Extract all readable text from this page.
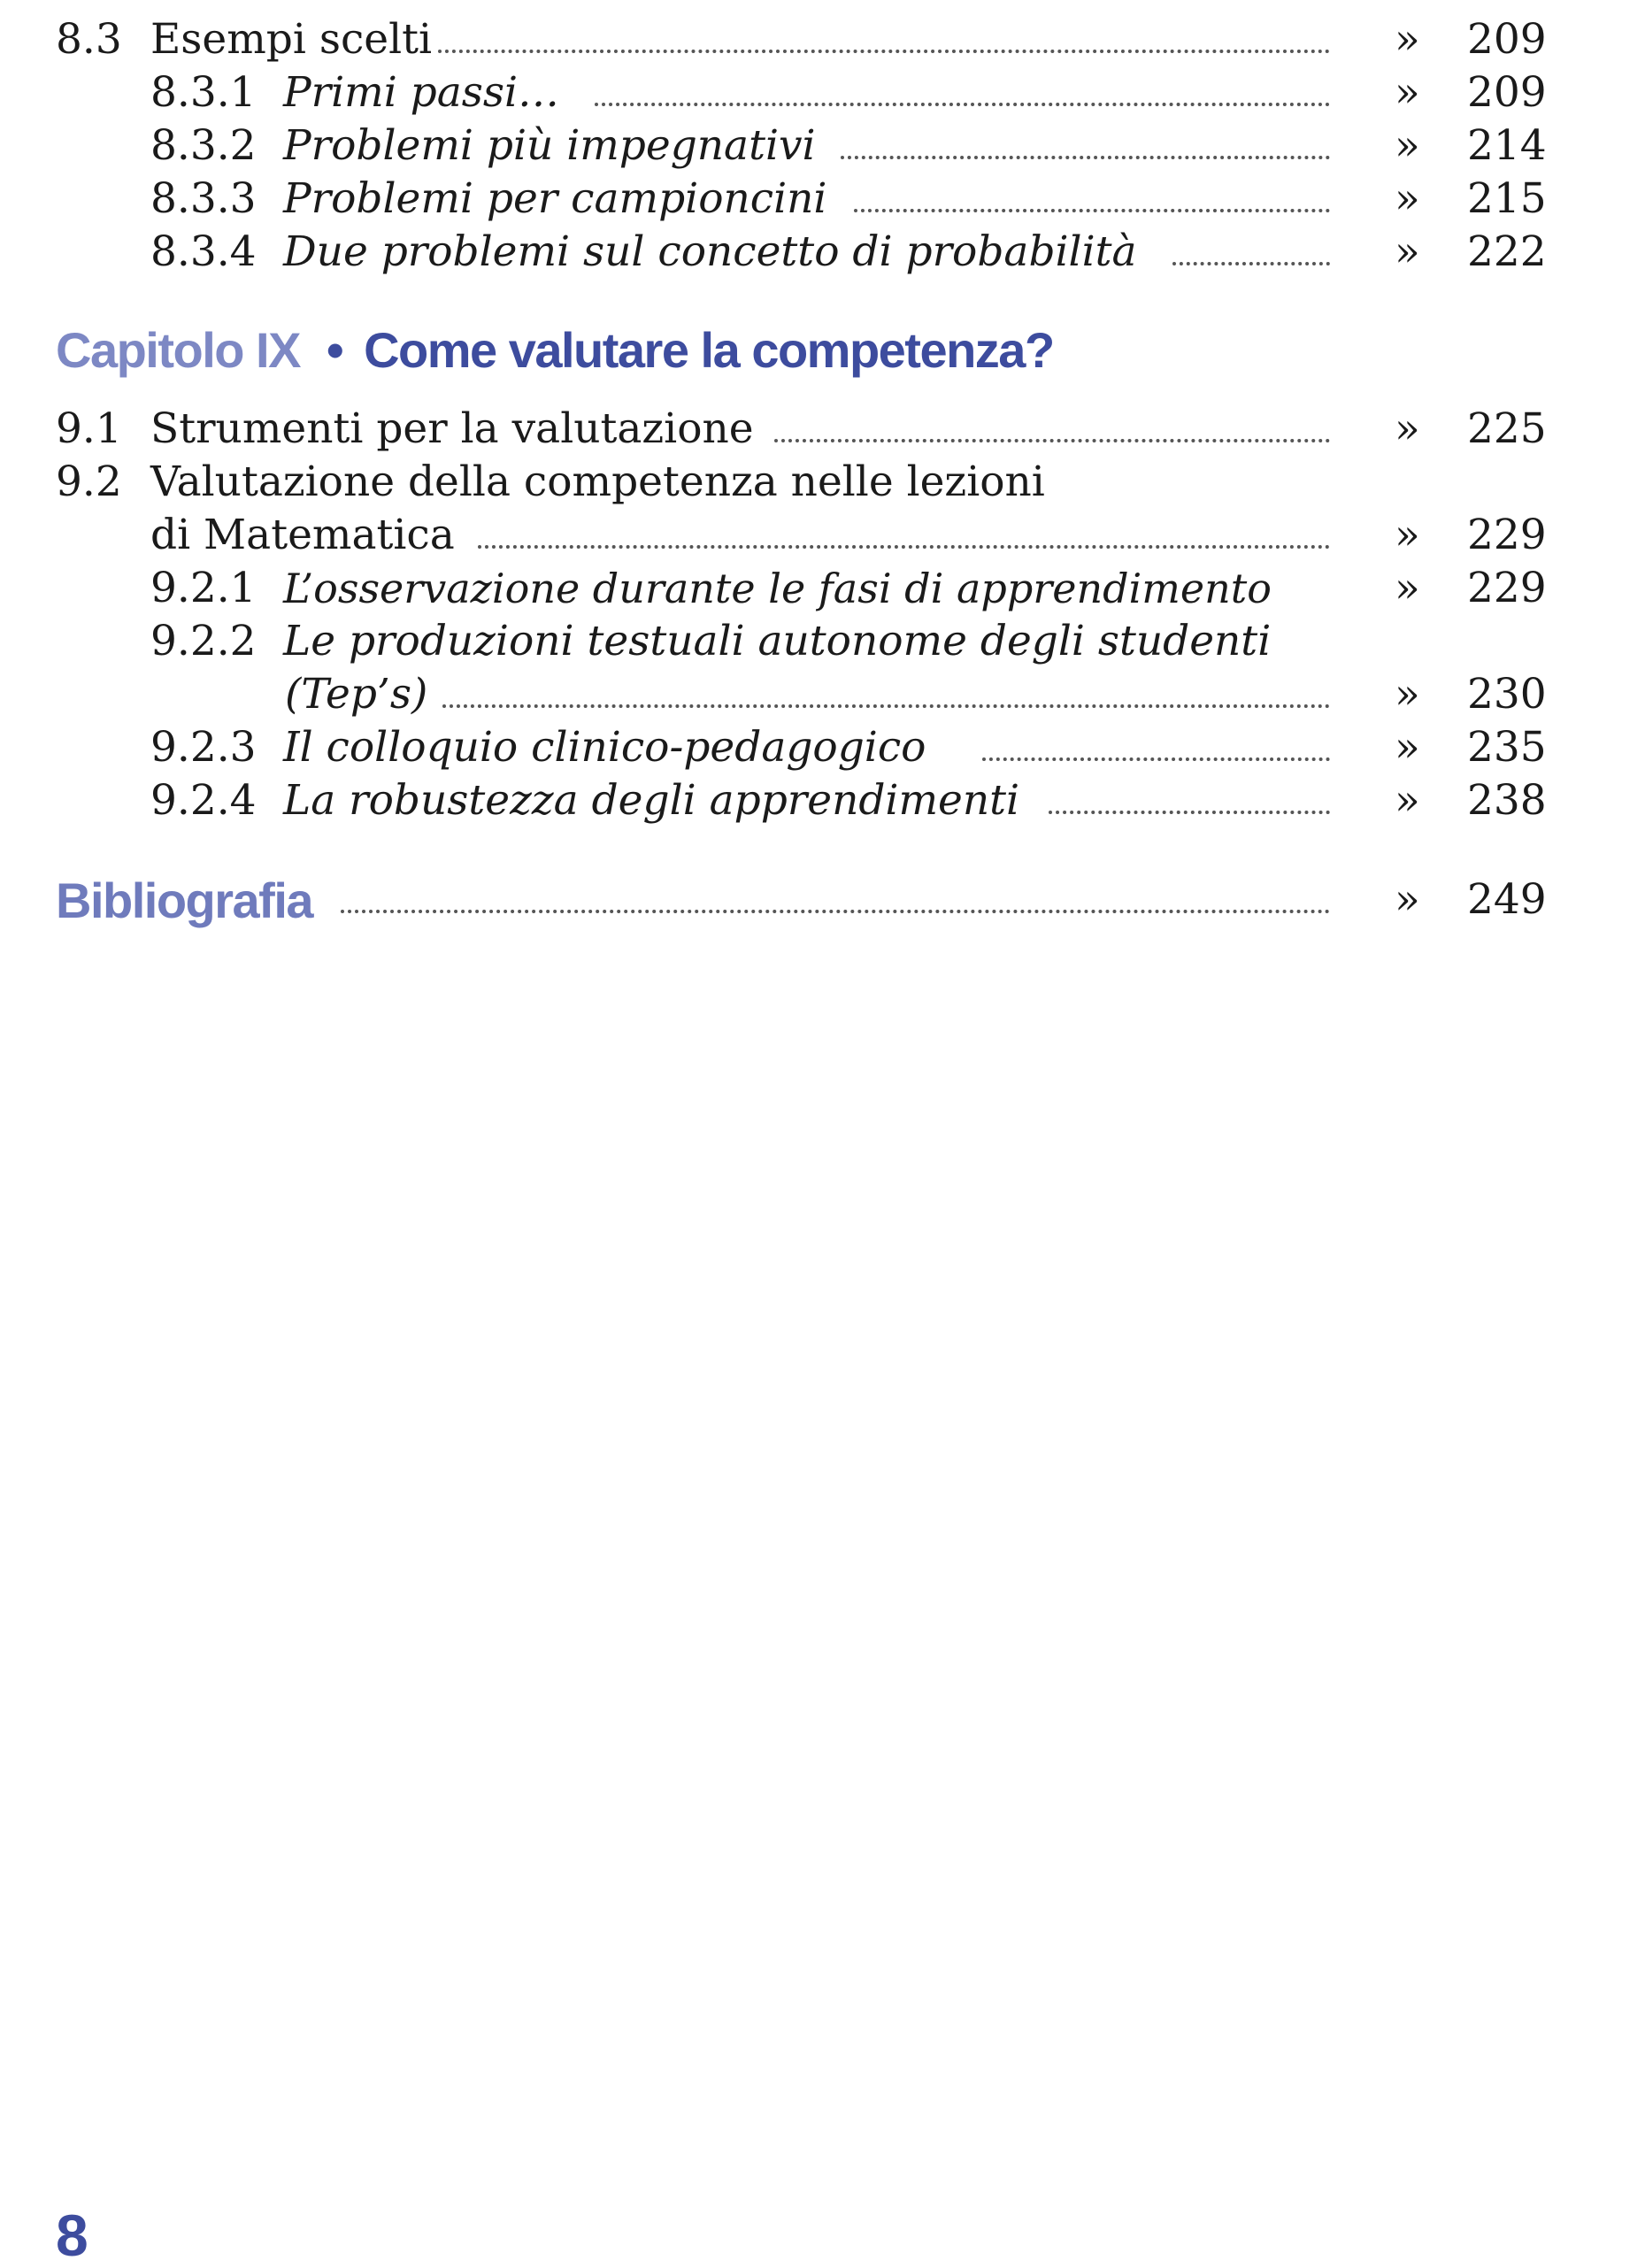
8.3 Esempi scelti	» 209
8.3.1 Primi passi…	» 209
8.3.2 Problemi più impegnativi	» 214
8.3.3 Problemi per campioncini	» 215
8.3.4 Due problemi sul concetto di probabilità	» 222
Capitolo IX • Come valutare la competenza?
9.1 Strumenti per la valutazione	» 225
9.2 Valutazione della competenza nelle lezioni
di Matematica	» 229
9.2.1 L’osservazione durante le fasi di apprendimento	» 229
9.2.2 Le produzioni testuali autonome degli studenti
(Tep’s)	» 230
9.2.3 Il colloquio clinico-pedagogico	» 235
9.2.4 La robustezza degli apprendimenti	» 238
Bibliografia	» 249
8
